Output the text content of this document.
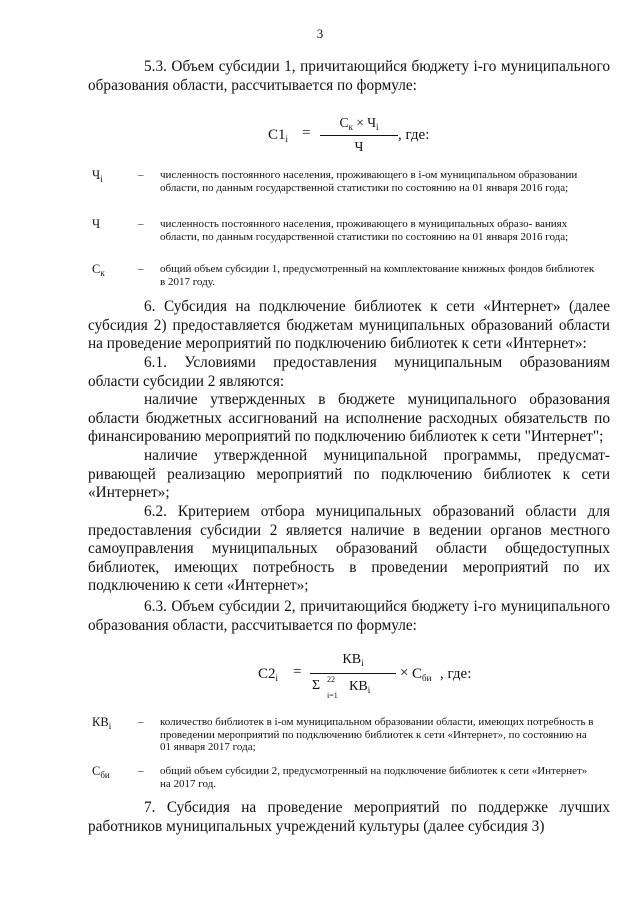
3
5.3. Объем субсидии 1, причитающийся бюджету i-го муниципального образования области, рассчитывается по формуле:
$С1_i$ =
$С_к \times Ч_i$
Ч
, где:
$Ч_i$	– численность постоянного населения, проживающего в i-ом муниципальном образовании области, по данным государственной статистики по состоянию на 01 января 2016 года;
Ч	– численность постоянного населения, проживающего в муниципальных образо- ваниях области, по данным государственной статистики по состоянию на 01 января 2016 года;
$С_к$	– общий объем субсидии 1, предусмотренный на комплектование книжных фондов библиотек в 2017 году.
6. Субсидия на подключение библиотек к сети «Интернет» (далее субсидия 2) предоставляется бюджетам муниципальных образований области на проведение мероприятий по подключению библиотек к сети «Интернет»:
6.1. Условиями предоставления муниципальным образованиям области субсидии 2 являются:
наличие утвержденных в бюджете муниципального образования области бюджетных ассигнований на исполнение расходных обязательств по финансированию мероприятий по подключению библиотек к сети "Интернет";
наличие утвержденной муниципальной программы, предусмат- ривающей реализацию мероприятий по подключению библиотек к сети «Интернет»;
6.2. Критерием отбора муниципальных образований области для предоставления субсидии 2 является наличие в ведении органов местного самоуправления муниципальных образований области общедоступных библиотек, имеющих потребность в проведении мероприятий по их подключению к сети «Интернет»;
6.3. Объем субсидии 2, причитающийся бюджету i-го муниципального образования области, рассчитывается по формуле:
$С2_i$ =
$КВ_i$
Σ 22
i=1
$КВ_i$
× $С_{би}$ , где:
$КВ_i$ – количество библиотек в i-ом муниципальном образовании области, имеющих потребность в проведении мероприятий по подключению библиотек к сети «Интернет», по состоянию на 01 января 2017 года;
$С_{би}$	– общий объем субсидии 2, предусмотренный на подключение библиотек к сети «Интернет» на 2017 год.
7. Субсидия на проведение мероприятий по поддержке лучших работников муниципальных учреждений культуры (далее субсидия 3)
